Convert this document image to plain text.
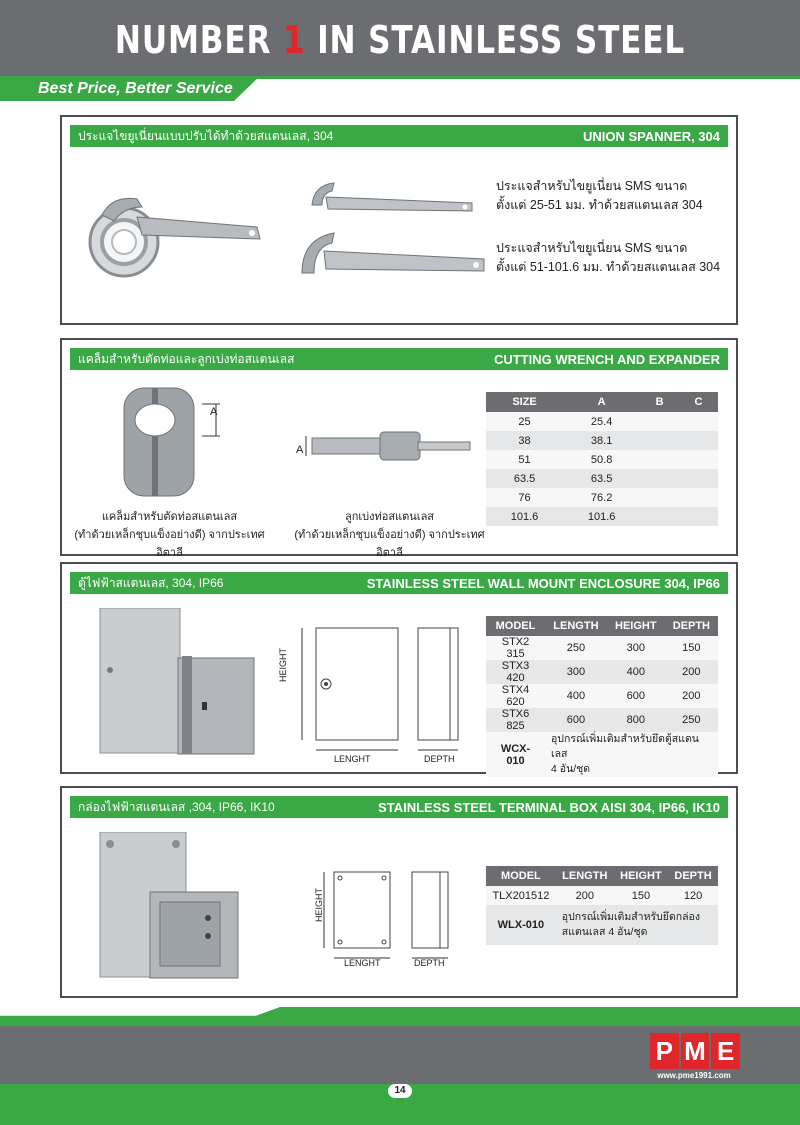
NUMBER 1 IN STAINLESS STEEL
Best Price, Better Service
ประแจไขยูเนี่ยนแบบปรับได้ทำด้วยสแตนเลส, 304	UNION SPANNER, 304
ประแจสำหรับไขยูเนี่ยน SMS ขนาด
ตั้งแต่ 25-51 มม. ทำด้วยสแตนเลส 304
ประแจสำหรับไขยูเนี่ยน SMS ขนาด
ตั้งแต่ 51-101.6 มม. ทำด้วยสแตนเลส 304
แคล็มสำหรับตัดท่อและลูกเบ่งท่อสแตนเลส	CUTTING WRENCH AND EXPANDER
A
A
แคล็มสำหรับตัดท่อสแตนเลส
(ทำด้วยเหล็กชุบแข็งอย่างดี) จากประเทศอิตาลี
ลูกเบ่งท่อสแตนเลส
(ทำด้วยเหล็กชุบแข็งอย่างดี) จากประเทศอิตาลี
SIZE	A	B	C
25	25.4		
38	38.1		
51	50.8		
63.5	63.5		
76	76.2		
101.6	101.6		
ตู้ไฟฟ้าสแตนเลส, 304, IP66	STAINLESS STEEL WALL MOUNT ENCLOSURE 304, IP66
HEIGHT
LENGHT	DEPTH
MODEL	LENGTH	HEIGHT	DEPTH
STX2 315	250	300	150
STX3 420	300	400	200
STX4 620	400	600	200
STX6 825	600	800	250
WCX-010	อุปกรณ์เพิ่มเติมสำหรับยึดตู้สแตนเลส
4 อัน/ชุด		
กล่องไฟฟ้าสแตนเลส ,304, IP66, IK10	STAINLESS STEEL TERMINAL BOX AISI 304, IP66, IK10
HEIGHT
LENGHT	DEPTH
MODEL	LENGTH	HEIGHT	DEPTH
TLX201512	200	150	120
WLX-010	อุปกรณ์เพิ่มเติมสำหรับยึดกล่อง
สแตนเลส 4 อัน/ชุด		
P M E
www.pme1991.com
14
